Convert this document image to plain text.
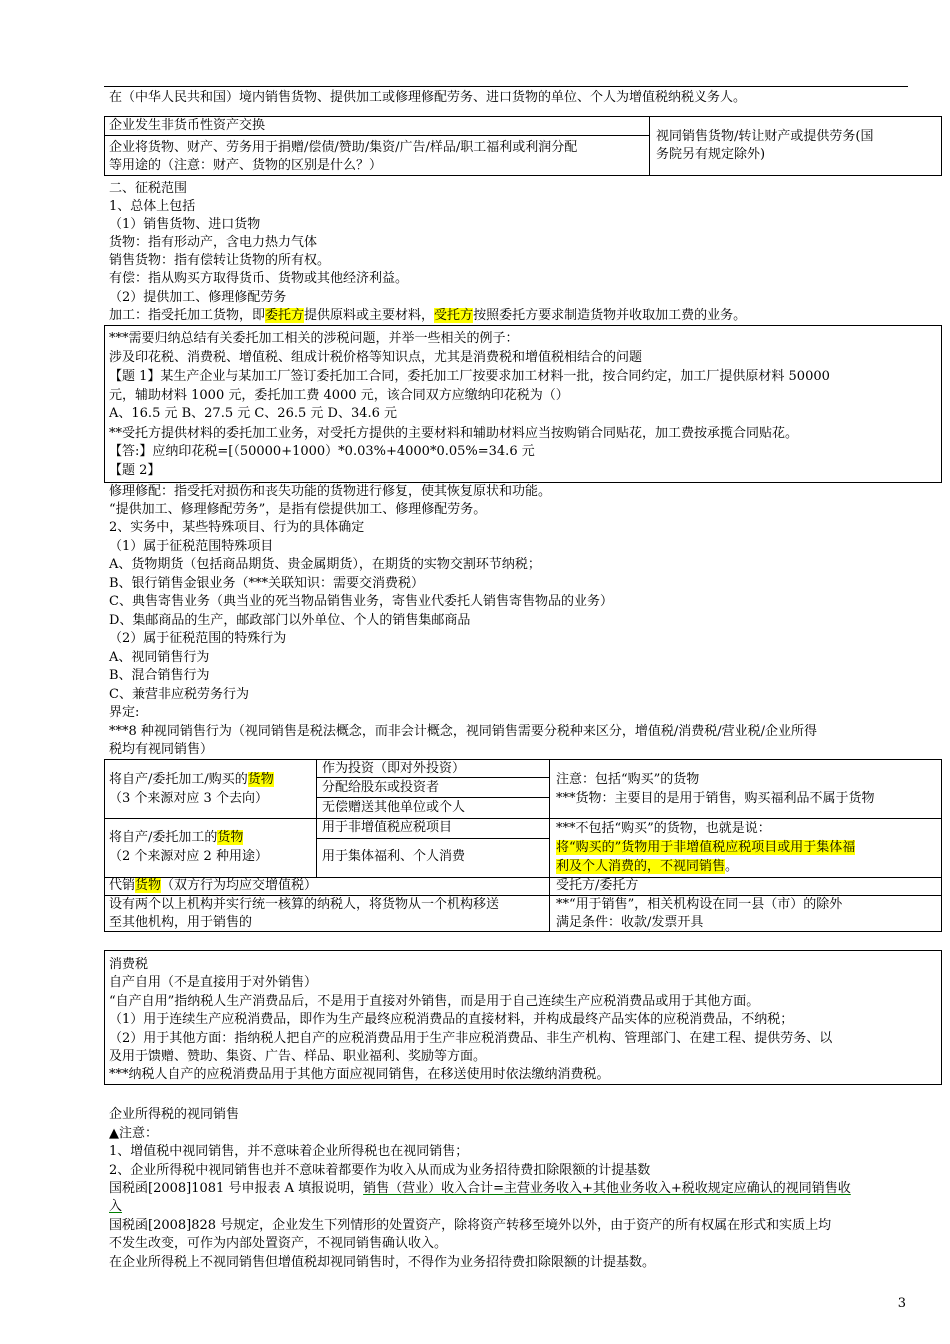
在（中华人民共和国）境内销售货物、提供加工或修理修配劳务、进口货物的单位、个人为增值税纳税义务人。
企业发生非货币性资产交换
企业将货物、财产、劳务用于捐赠/偿债/赞助/集资/广告/样品/职工福利或利润分配
等用途的（注意：财产、货物的区别是什么？）
视同销售货物/转让财产或提供劳务(国
务院另有规定除外)
二、征税范围
1、总体上包括
（1）销售货物、进口货物
货物：指有形动产，含电力热力气体
销售货物：指有偿转让货物的所有权。
有偿：指从购买方取得货币、货物或其他经济利益。
（2）提供加工、修理修配劳务
加工：指受托加工货物，即委托方提供原料或主要材料，受托方按照委托方要求制造货物并收取加工费的业务。
***需要归纳总结有关委托加工相关的涉税问题，并举一些相关的例子：
涉及印花税、消费税、增值税、组成计税价格等知识点，尤其是消费税和增值税相结合的问题
【题 1】某生产企业与某加工厂签订委托加工合同，委托加工厂按要求加工材料一批，按合同约定，加工厂提供原材料 50000
元，辅助材料 1000 元，委托加工费 4000 元，该合同双方应缴纳印花税为（）
A、16.5 元 B、27.5 元 C、26.5 元 D、34.6 元
**受托方提供材料的委托加工业务，对受托方提供的主要材料和辅助材料应当按购销合同贴花，加工费按承揽合同贴花。
【答:】应纳印花税=[（50000+1000）*0.03%+4000*0.05%=34.6 元
【题 2】
修理修配：指受托对损伤和丧失功能的货物进行修复，使其恢复原状和功能。
“提供加工、修理修配劳务”，是指有偿提供加工、修理修配劳务。
2、实务中，某些特殊项目、行为的具体确定
（1）属于征税范围特殊项目
A、货物期货（包括商品期货、贵金属期货），在期货的实物交割环节纳税；
B、银行销售金银业务（***关联知识：需要交消费税）
C、典售寄售业务（典当业的死当物品销售业务，寄售业代委托人销售寄售物品的业务）
D、集邮商品的生产，邮政部门以外单位、个人的销售集邮商品
（2）属于征税范围的特殊行为
A、视同销售行为
B、混合销售行为
C、兼营非应税劳务行为
界定:
***8 种视同销售行为（视同销售是税法概念，而非会计概念，视同销售需要分税种来区分，增值税/消费税/营业税/企业所得
税均有视同销售）
将自产/委托加工/购买的货物
（3 个来源对应 3 个去向）
作为投资（即对外投资）
分配给股东或投资者
无偿赠送其他单位或个人
注意：包括“购买”的货物
***货物：主要目的是用于销售，购买福利品不属于货物
将自产/委托加工的货物
（2 个来源对应 2 种用途）
用于非增值税应税项目
用于集体福利、个人消费
***不包括“购买”的货物，也就是说：
将“购买的”货物用于非增值税应税项目或用于集体福
利及个人消费的，不视同销售。
代销货物（双方行为均应交增值税）	受托方/委托方
设有两个以上机构并实行统一核算的纳税人，将货物从一个机构移送
至其他机构，用于销售的
**“用于销售”，相关机构设在同一县（市）的除外
满足条件：收款/发票开具
消费税
自产自用（不是直接用于对外销售）
“自产自用”指纳税人生产消费品后，不是用于直接对外销售，而是用于自己连续生产应税消费品或用于其他方面。
（1）用于连续生产应税消费品，即作为生产最终应税消费品的直接材料，并构成最终产品实体的应税消费品，不纳税；
（2）用于其他方面：指纳税人把自产的应税消费品用于生产非应税消费品、非生产机构、管理部门、在建工程、提供劳务、以
及用于馈赠、赞助、集资、广告、样品、职业福利、奖励等方面。
***纳税人自产的应税消费品用于其他方面应视同销售，在移送使用时依法缴纳消费税。
企业所得税的视同销售
▲注意：
1、增值税中视同销售，并不意味着企业所得税也在视同销售；
2、企业所得税中视同销售也并不意味着都要作为收入从而成为业务招待费扣除限额的计提基数
国税函[2008]1081 号申报表 A 填报说明，销售（营业）收入合计=主营业务收入+其他业务收入+税收规定应确认的视同销售收
入
国税函[2008]828 号规定，企业发生下列情形的处置资产，除将资产转移至境外以外，由于资产的所有权属在形式和实质上均
不发生改变，可作为内部处置资产，不视同销售确认收入。
在企业所得税上不视同销售但增值税却视同销售时，不得作为业务招待费扣除限额的计提基数。
3
